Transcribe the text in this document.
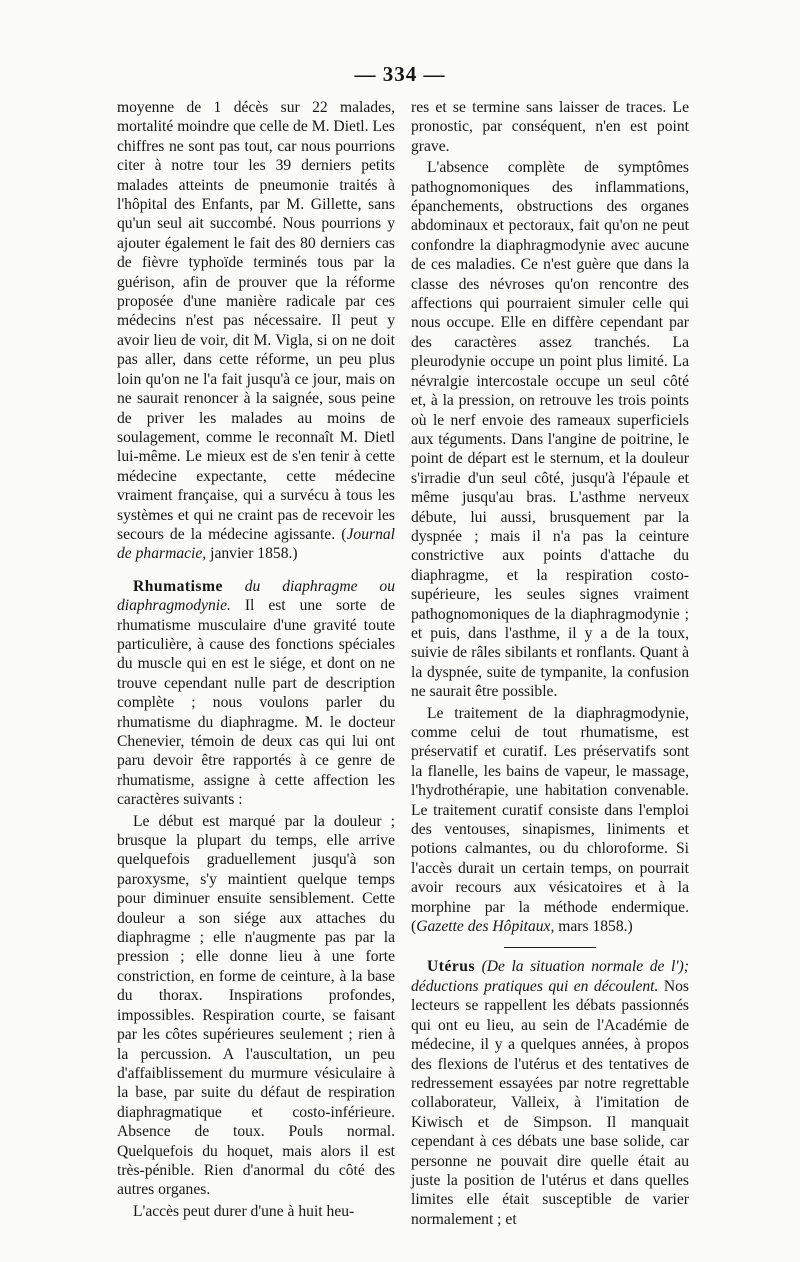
— 334 —

moyenne de 1 décès sur 22 malades, mortalité moindre que celle de M. Dietl. Les chiffres ne sont pas tout, car nous pourrions citer à notre tour les 39 derniers petits malades atteints de pneumonie traités à l'hôpital des Enfants, par M. Gillette, sans qu'un seul ait succombé. Nous pourrions y ajouter également le fait des 80 derniers cas de fièvre typhoïde terminés tous par la guérison, afin de prouver que la réforme proposée d'une manière radicale par ces médecins n'est pas nécessaire. Il peut y avoir lieu de voir, dit M. Vigla, si on ne doit pas aller, dans cette réforme, un peu plus loin qu'on ne l'a fait jusqu'à ce jour, mais on ne saurait renoncer à la saignée, sous peine de priver les malades au moins de soulagement, comme le reconnaît M. Dietl lui-même. Le mieux est de s'en tenir à cette médecine expectante, cette médecine vraiment française, qui a survécu à tous les systèmes et qui ne craint pas de recevoir les secours de la médecine agissante. (Journal de pharmacie, janvier 1858.)

Rhumatisme du diaphragme ou diaphragmodynie. Il est une sorte de rhumatisme musculaire d'une gravité toute particulière, à cause des fonctions spéciales du muscle qui en est le siége, et dont on ne trouve cependant nulle part de description complète ; nous voulons parler du rhumatisme du diaphragme. M. le docteur Chenevier, témoin de deux cas qui lui ont paru devoir être rapportés à ce genre de rhumatisme, assigne à cette affection les caractères suivants :

Le début est marqué par la douleur ; brusque la plupart du temps, elle arrive quelquefois graduellement jusqu'à son paroxysme, s'y maintient quelque temps pour diminuer ensuite sensiblement. Cette douleur a son siége aux attaches du diaphragme ; elle n'augmente pas par la pression ; elle donne lieu à une forte constriction, en forme de ceinture, à la base du thorax. Inspirations profondes, impossibles. Respiration courte, se faisant par les côtes supérieures seulement ; rien à la percussion. A l'auscultation, un peu d'affaiblissement du murmure vésiculaire à la base, par suite du défaut de respiration diaphragmatique et costo-inférieure. Absence de toux. Pouls normal. Quelquefois du hoquet, mais alors il est très-pénible. Rien d'anormal du côté des autres organes.

L'accès peut durer d'une à huit heu-

res et se termine sans laisser de traces. Le pronostic, par conséquent, n'en est point grave.

L'absence complète de symptômes pathognomoniques des inflammations, épanchements, obstructions des organes abdominaux et pectoraux, fait qu'on ne peut confondre la diaphragmodynie avec aucune de ces maladies. Ce n'est guère que dans la classe des névroses qu'on rencontre des affections qui pourraient simuler celle qui nous occupe. Elle en diffère cependant par des caractères assez tranchés. La pleurodynie occupe un point plus limité. La névralgie intercostale occupe un seul côté et, à la pression, on retrouve les trois points où le nerf envoie des rameaux superficiels aux téguments. Dans l'angine de poitrine, le point de départ est le sternum, et la douleur s'irradie d'un seul côté, jusqu'à l'épaule et même jusqu'au bras. L'asthme nerveux débute, lui aussi, brusquement par la dyspnée ; mais il n'a pas la ceinture constrictive aux points d'attache du diaphragme, et la respiration costo-supérieure, les seules signes vraiment pathognomoniques de la diaphragmodynie ; et puis, dans l'asthme, il y a de la toux, suivie de râles sibilants et ronflants. Quant à la dyspnée, suite de tympanite, la confusion ne saurait être possible.

Le traitement de la diaphragmodynie, comme celui de tout rhumatisme, est préservatif et curatif. Les préservatifs sont la flanelle, les bains de vapeur, le massage, l'hydrothérapie, une habitation convenable. Le traitement curatif consiste dans l'emploi des ventouses, sinapismes, liniments et potions calmantes, ou du chloroforme. Si l'accès durait un certain temps, on pourrait avoir recours aux vésicatoires et à la morphine par la méthode endermique. (Gazette des Hôpitaux, mars 1858.)

Utérus (De la situation normale de l'); déductions pratiques qui en découlent. Nos lecteurs se rappellent les débats passionnés qui ont eu lieu, au sein de l'Académie de médecine, il y a quelques années, à propos des flexions de l'utérus et des tentatives de redressement essayées par notre regrettable collaborateur, Valleix, à l'imitation de Kiwisch et de Simpson. Il manquait cependant à ces débats une base solide, car personne ne pouvait dire quelle était au juste la position de l'utérus et dans quelles limites elle était susceptible de varier normalement ; et
